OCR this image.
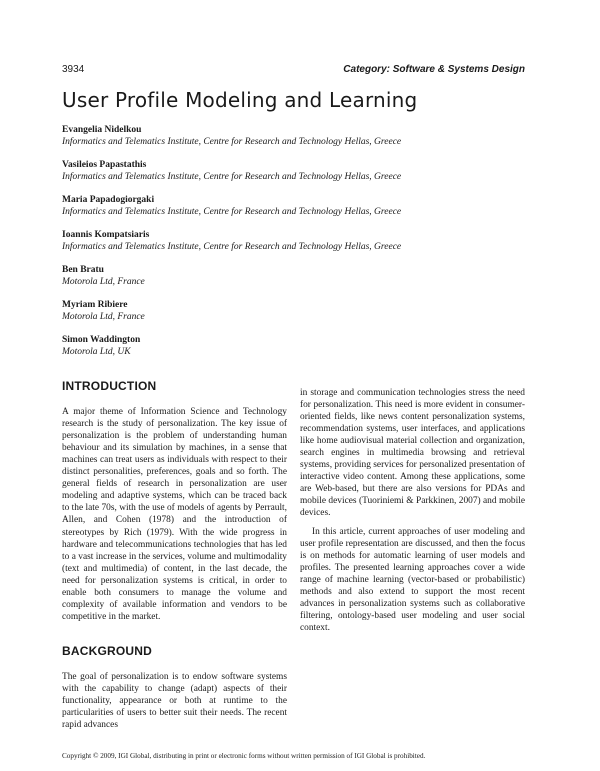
3934	Category: Software & Systems Design
User Profile Modeling and Learning
Evangelia Nidelkou
Informatics and Telematics Institute, Centre for Research and Technology Hellas, Greece
Vasileios Papastathis
Informatics and Telematics Institute, Centre for Research and Technology Hellas, Greece
Maria Papadogiorgaki
Informatics and Telematics Institute, Centre for Research and Technology Hellas, Greece
Ioannis Kompatsiaris
Informatics and Telematics Institute, Centre for Research and Technology Hellas, Greece
Ben Bratu
Motorola Ltd, France
Myriam Ribiere
Motorola Ltd, France
Simon Waddington
Motorola Ltd, UK
INTRODUCTION

A major theme of Information Science and Technology research is the study of personalization. The key issue of personalization is the problem of understanding human behaviour and its simulation by machines, in a sense that machines can treat users as individuals with respect to their distinct personalities, preferences, goals and so forth. The general fields of research in personalization are user modeling and adaptive systems, which can be traced back to the late 70s, with the use of models of agents by Perrault, Allen, and Cohen (1978) and the introduction of stereotypes by Rich (1979). With the wide progress in hardware and telecommunications technologies that has led to a vast increase in the services, volume and multimodality (text and multimedia) of content, in the last decade, the need for personalization systems is critical, in order to enable both consumers to manage the volume and complexity of available information and vendors to be competitive in the market.

BACKGROUND

The goal of personalization is to endow software systems with the capability to change (adapt) aspects of their functionality, appearance or both at runtime to the particularities of users to better suit their needs. The recent rapid advances

in storage and communication technologies stress the need for personalization. This need is more evident in consumer-oriented fields, like news content personalization systems, recommendation systems, user interfaces, and applications like home audiovisual material collection and organization, search engines in multimedia browsing and retrieval systems, providing services for personalized presentation of interactive video content. Among these applications, some are Web-based, but there are also versions for PDAs and mobile devices (Tuoriniemi & Parkkinen, 2007) and mobile devices.

In this article, current approaches of user modeling and user profile representation are discussed, and then the focus is on methods for automatic learning of user models and profiles. The presented learning approaches cover a wide range of machine learning (vector-based or probabilistic) methods and also extend to support the most recent advances in personalization systems such as collaborative filtering, ontology-based user modeling and user social context.

Copyright © 2009, IGI Global, distributing in print or electronic forms without written permission of IGI Global is prohibited.
